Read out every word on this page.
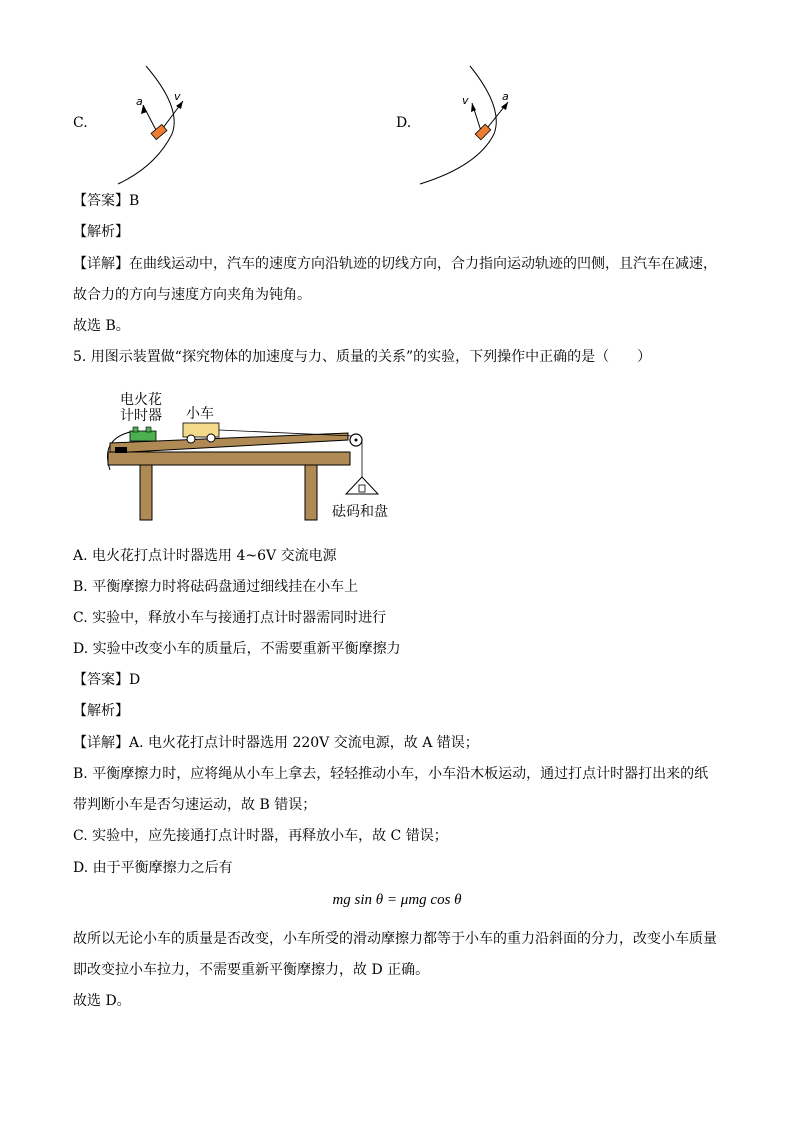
C.
a	v
D.
v	a
【答案】B
【解析】
【详解】在曲线运动中，汽车的速度方向沿轨迹的切线方向，合力指向运动轨迹的凹侧，且汽车在减速，
故合力的方向与速度方向夹角为钝角。
故选 B。
5. 用图示装置做“探究物体的加速度与力、质量的关系”的实验，下列操作中正确的是（　　）
电火花
计时器 小车
砝码和盘
A. 电火花打点计时器选用 4~6V 交流电源
B. 平衡摩擦力时将砝码盘通过细线挂在小车上
C. 实验中，释放小车与接通打点计时器需同时进行
D. 实验中改变小车的质量后，不需要重新平衡摩擦力
【答案】D
【解析】
【详解】A. 电火花打点计时器选用 220V 交流电源，故 A 错误；
B. 平衡摩擦力时，应将绳从小车上拿去，轻轻推动小车，小车沿木板运动，通过打点计时器打出来的纸
带判断小车是否匀速运动，故 B 错误；
C. 实验中，应先接通打点计时器，再释放小车，故 C 错误；
D. 由于平衡摩擦力之后有
mg sin θ = μmg cos θ
故所以无论小车的质量是否改变，小车所受的滑动摩擦力都等于小车的重力沿斜面的分力，改变小车质量
即改变拉小车拉力，不需要重新平衡摩擦力，故 D 正确。
故选 D。
